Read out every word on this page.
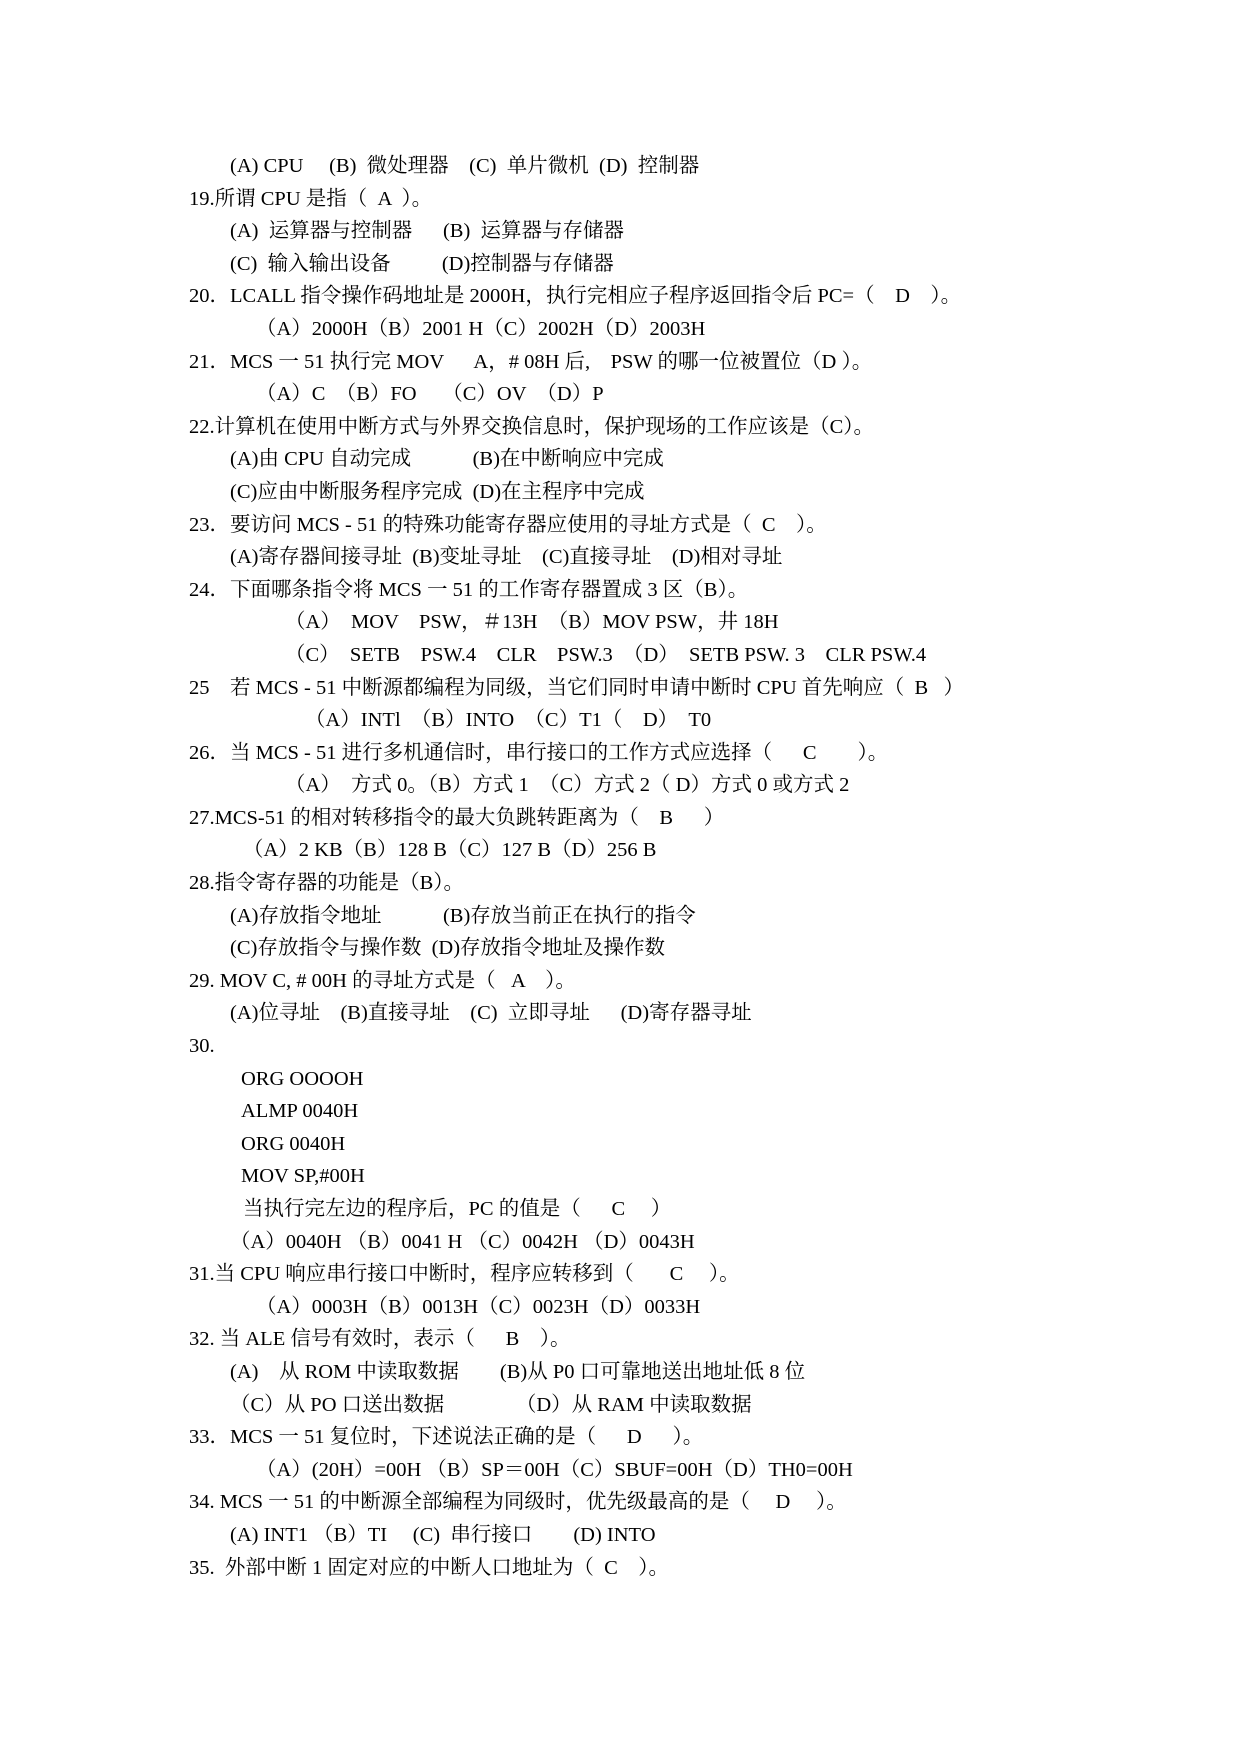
(A) CPU　 (B)  微处理器　(C)  单片微机  (D)  控制器
19.所谓 CPU 是指（  A  ）。
(A)  运算器与控制器　  (B)  运算器与存储器
(C)  输入输出设备　　  (D)控制器与存储器
20．LCALL 指令操作码地址是 2000H，执行完相应子程序返回指令后 PC=（    D    ）。
（A）2000H（B）2001 H（C）2002H（D）2003H
21．MCS 一 51 执行完 MOV　  A，# 08H 后,　PSW 的哪一位被置位（D ）。
（A）C　（B）FO　 （C）OV　（D）P
22.计算机在使用中断方式与外界交换信息时，保护现场的工作应该是（C）。
(A)由 CPU 自动完成　　　(B)在中断响应中完成
(C)应由中断服务程序完成  (D)在主程序中完成
23．要访问 MCS - 51 的特殊功能寄存器应使用的寻址方式是（  C    ）。
(A)寄存器间接寻址  (B)变址寻址　(C)直接寻址　(D)相对寻址
24．下面哪条指令将 MCS 一 51 的工作寄存器置成 3 区（B）。
（A）　MOV　PSW，＃13H　（B）MOV PSW，井 18H
（C）　SETB　PSW.4　CLR　PSW.3　（D）　SETB PSW. 3　CLR PSW.4
25　若 MCS - 51 中断源都编程为同级，当它们同时申请中断时 CPU 首先响应（  B   ）
（A）INTl　（B）INTO　（C）T1（　D）　T0
26．当 MCS - 51 进行多机通信时，串行接口的工作方式应选择（　  C　    ）。
（A）　方式 0。（B）方式 1　（C）方式 2（ D）方式 0 或方式 2
27.MCS-51 的相对转移指令的最大负跳转距离为（    B      ）
（A）2 KB（B）128 B（C）127 B（D）256 B
28.指令寄存器的功能是（B）。
(A)存放指令地址　　　(B)存放当前正在执行的指令
(C)存放指令与操作数  (D)存放指令地址及操作数
29. MOV C, # 00H 的寻址方式是（   A    ）。
(A)位寻址　(B)直接寻址　(C)  立即寻址　  (D)寄存器寻址
30.
ORG OOOOH
ALMP 0040H
ORG 0040H
MOV SP,#00H
当执行完左边的程序后，PC 的值是（      C     ）
（A）0040H （B）0041 H （C）0042H （D）0043H
31.当 CPU 响应串行接口中断时，程序应转移到（       C     ）。
（A）0003H（B）0013H（C）0023H（D）0033H
32. 当 ALE 信号有效时，表示（      B    ）。
(A)　从 ROM 中读取数据　　(B)从 P0 口可靠地送出地址低 8 位
（C）从 PO 口送出数据　　　　（D）从 RAM 中读取数据
33．MCS 一 51 复位时，下述说法正确的是（      D      ）。
（A）(20H）=00H （B）SP＝00H（C）SBUF=00H（D）TH0=00H
34. MCS 一 51 的中断源全部编程为同级时，优先级最高的是（     D     ）。
(A) INT1 （B）TI　 (C)  串行接口　　(D) INTO
35.  外部中断 1 固定对应的中断人口地址为（  C    ）。
